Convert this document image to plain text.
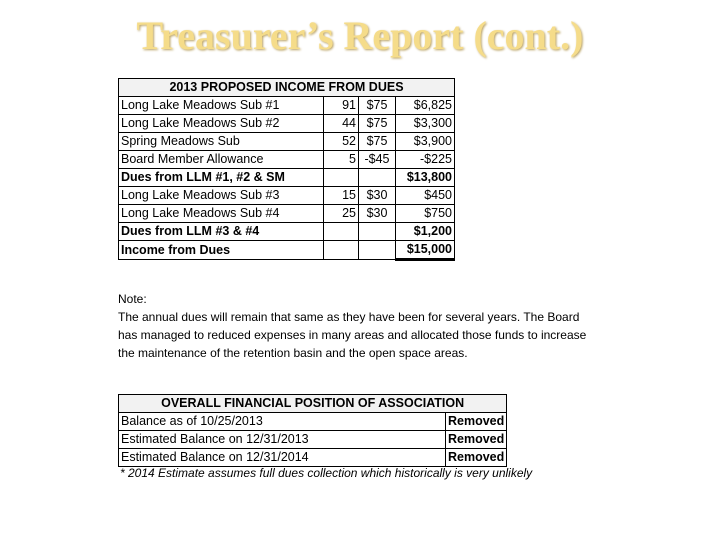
Treasurer’s Report (cont.)
2013 PROPOSED INCOME FROM DUES			
Long Lake Meadows Sub #1	91	$75	$6,825
Long Lake Meadows Sub #2	44	$75	$3,300
Spring Meadows Sub	52	$75	$3,900
Board Member Allowance	5	-$45	-$225
Dues from LLM #1, #2 & SM			$13,800
Long Lake Meadows Sub #3	15	$30	$450
Long Lake Meadows Sub #4	25	$30	$750
Dues from LLM #3 & #4			$1,200
Income from Dues			$15,000
Note:
The annual dues will remain that same as they have been for several years. The Board has managed to reduced expenses in many areas and allocated those funds to increase the maintenance of the retention basin and the open space areas.
OVERALL FINANCIAL POSITION OF ASSOCIATION	
Balance as of 10/25/2013	Removed
Estimated Balance on 12/31/2013	Removed
Estimated Balance on 12/31/2014	Removed
* 2014 Estimate assumes full dues collection which historically is very unlikely
